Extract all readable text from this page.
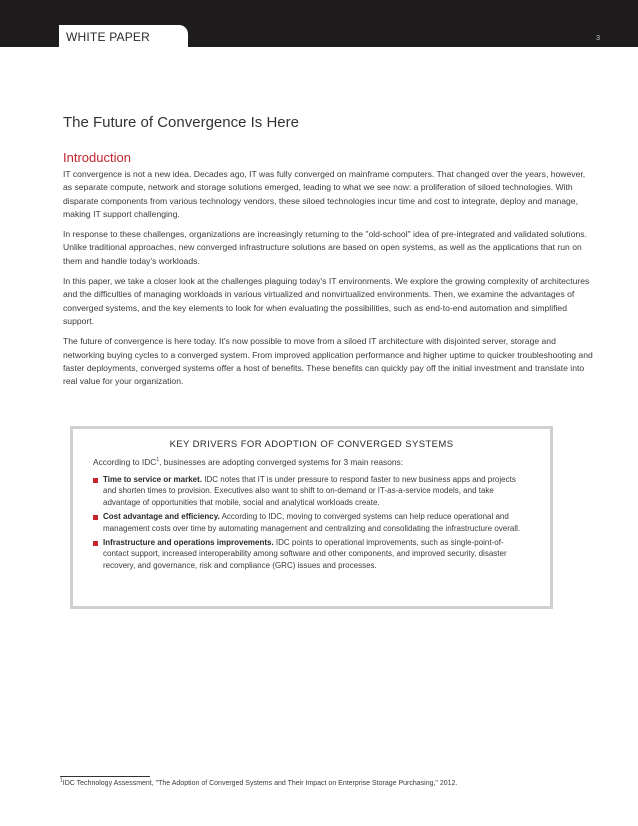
WHITE PAPER	3
The Future of Convergence Is Here
Introduction

IT convergence is not a new idea. Decades ago, IT was fully converged on mainframe computers. That changed over the years, however, as separate compute, network and storage solutions emerged, leading to what we see now: a proliferation of siloed technologies. With disparate components from various technology vendors, these siloed technologies incur time and cost to integrate, deploy and manage, making IT support challenging.

In response to these challenges, organizations are increasingly returning to the "old-school" idea of pre-integrated and validated solutions. Unlike traditional approaches, new converged infrastructure solutions are based on open systems, as well as the applications that run on them and handle today's workloads.

In this paper, we take a closer look at the challenges plaguing today's IT environments. We explore the growing complexity of architectures and the difficulties of managing workloads in various virtualized and nonvirtualized environments. Then, we examine the advantages of converged systems, and the key elements to look for when evaluating the possibilities, such as end-to-end automation and simplified support.

The future of convergence is here today. It's now possible to move from a siloed IT architecture with disjointed server, storage and networking buying cycles to a converged system. From improved application performance and higher uptime to quicker troubleshooting and faster deployments, converged systems offer a host of benefits. These benefits can quickly pay off the initial investment and translate into real value for your organization.

KEY DRIVERS FOR ADOPTION OF CONVERGED SYSTEMS
According to IDC$^1$, businesses are adopting converged systems for 3 main reasons:
Time to service or market. IDC notes that IT is under pressure to respond faster to new business apps and projects and shorten times to provision. Executives also want to shift to on-demand or IT-as-a-service models, and take advantage of opportunities that mobile, social and analytical workloads create.
Cost advantage and efficiency. According to IDC, moving to converged systems can help reduce operational and management costs over time by automating management and centralizing and consolidating the infrastructure overall.
Infrastructure and operations improvements. IDC points to operational improvements, such as single-point-of-contact support, increased interoperability among software and other components, and improved security, disaster recovery, and governance, risk and compliance (GRC) issues and processes.
$^1$IDC Technology Assessment, "The Adoption of Converged Systems and Their Impact on Enterprise Storage Purchasing," 2012.
